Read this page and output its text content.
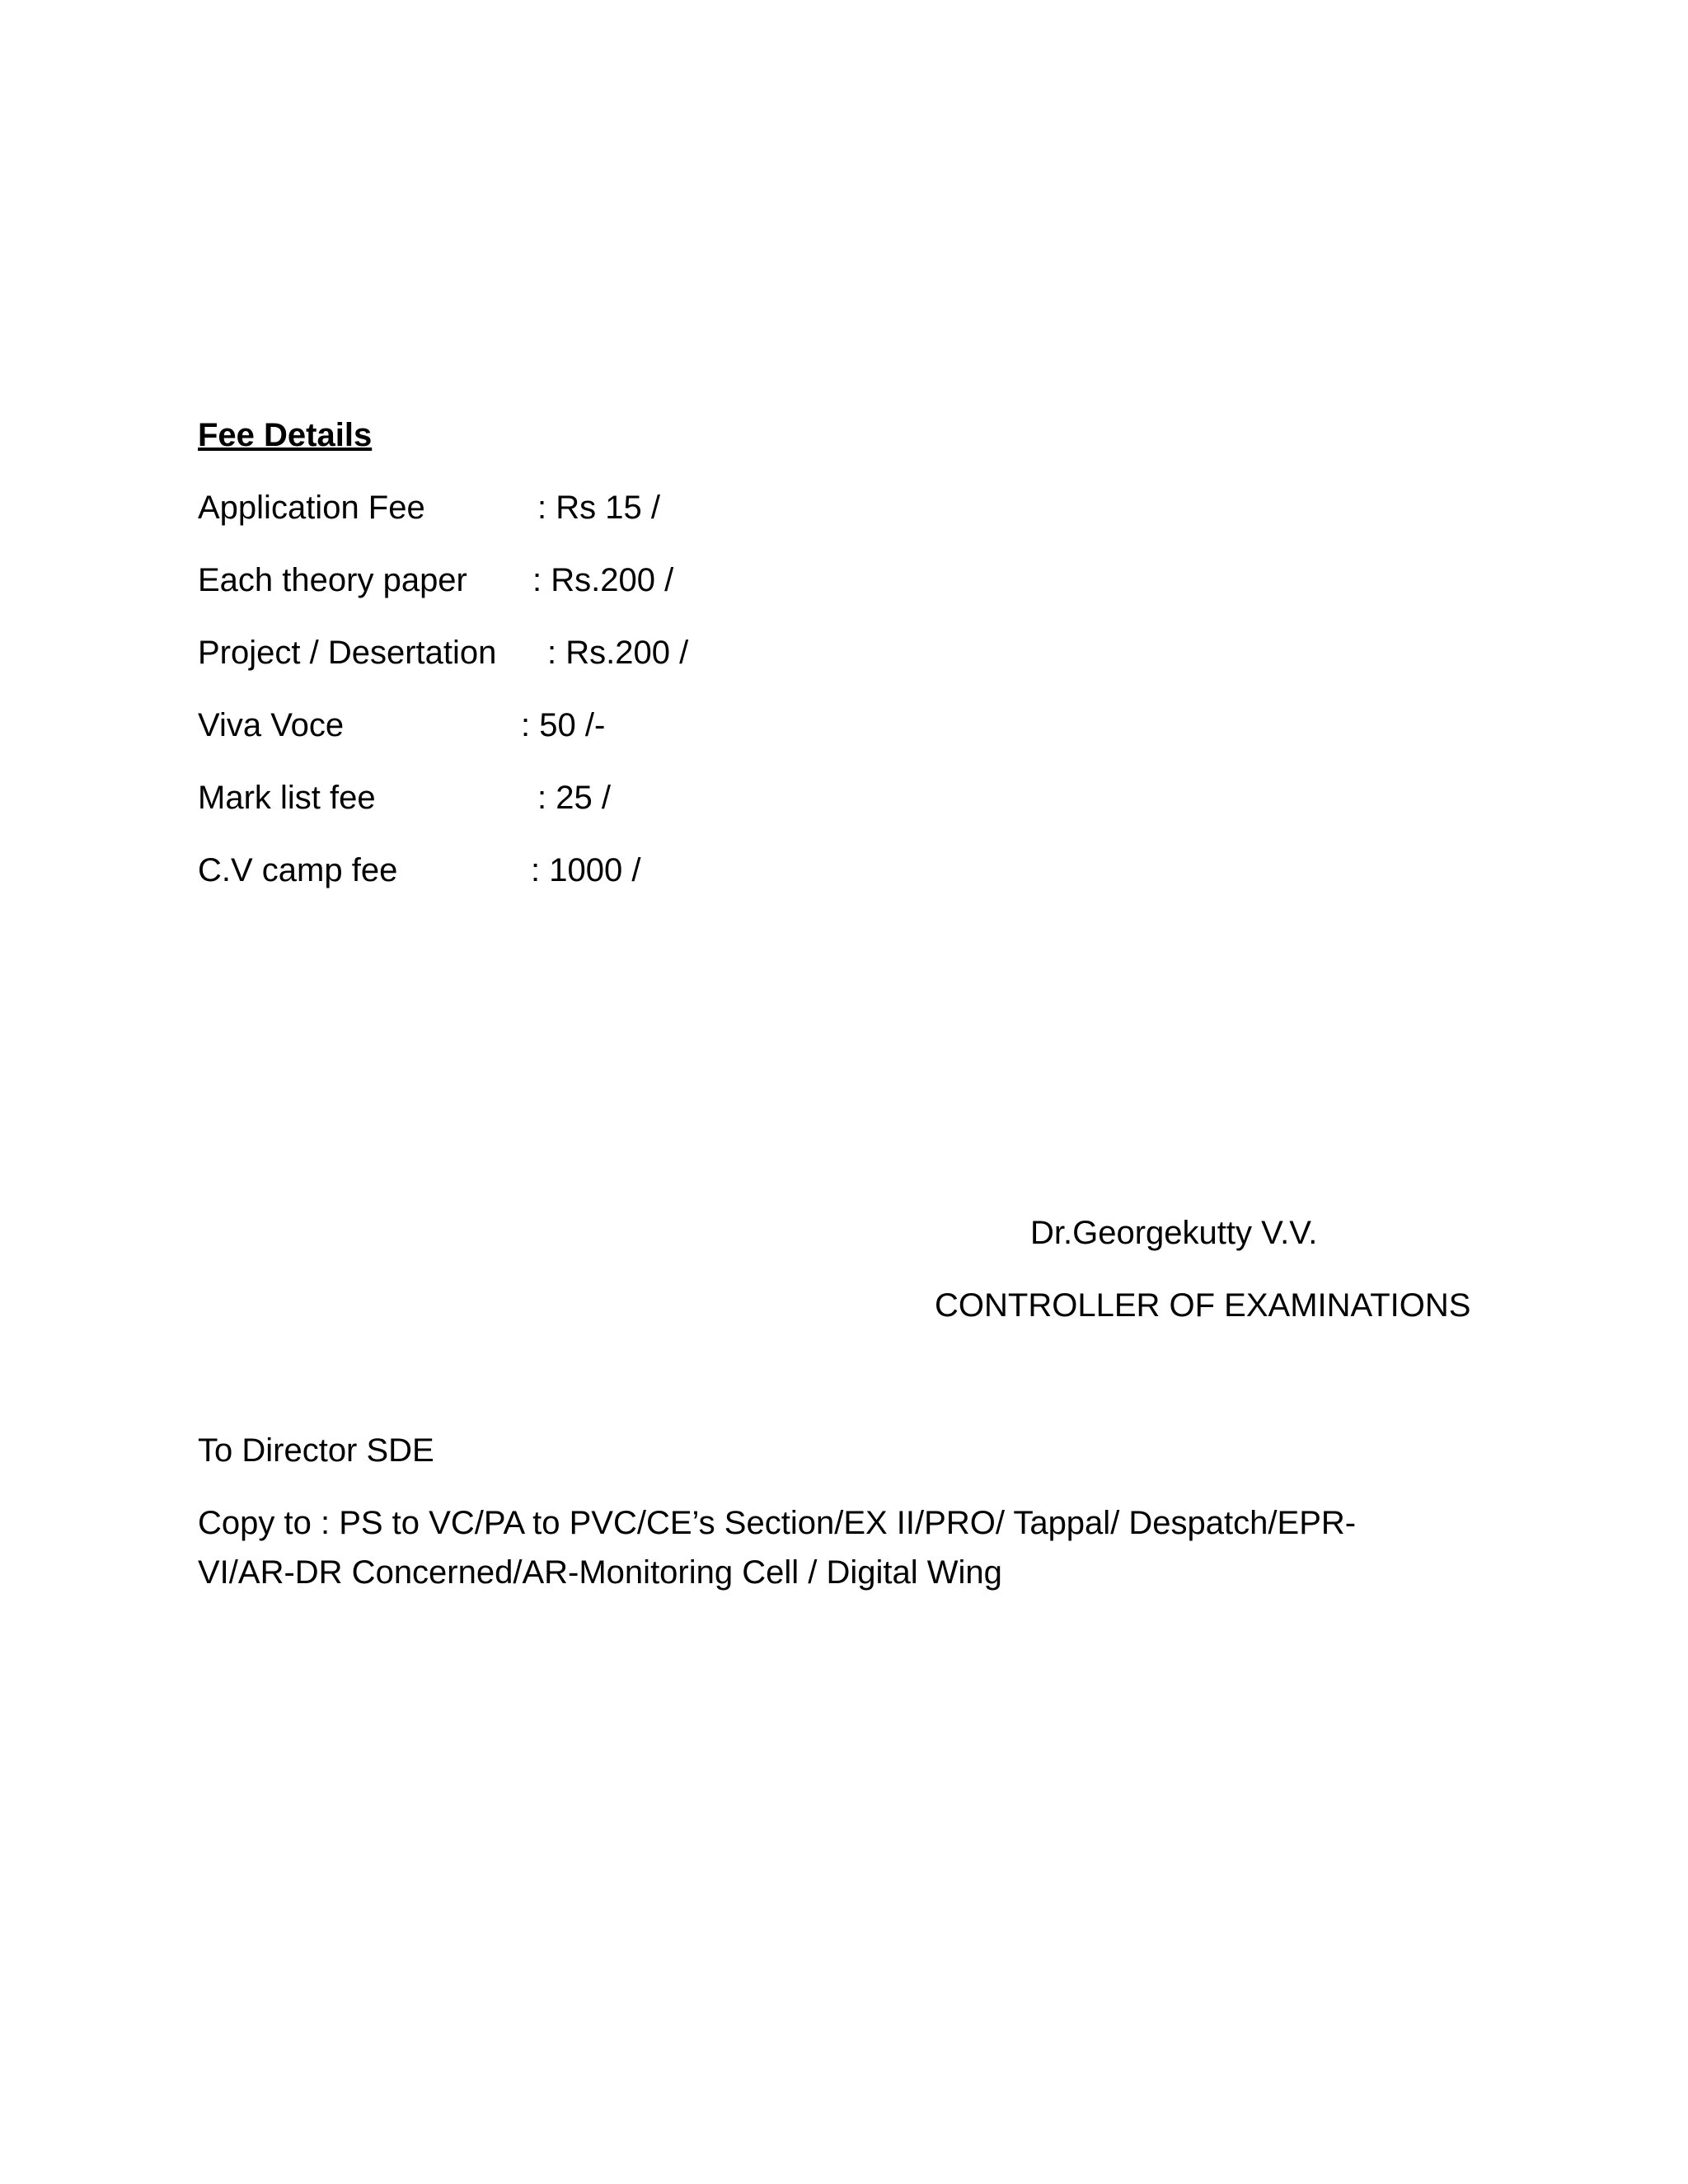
Fee Details
Application Fee	: Rs 15 /
Each theory paper : Rs.200 /
Project / Desertation : Rs.200 /
Viva Voce	: 50 /-
Mark list fee	: 25 /
C.V camp fee	: 1000 /
Dr.Georgekutty V.V.
CONTROLLER OF EXAMINATIONS
To Director SDE
Copy to : PS to VC/PA to PVC/CE’s Section/EX II/PRO/ Tappal/ Despatch/EPR-VI/AR-DR Concerned/AR-Monitoring Cell / Digital Wing
